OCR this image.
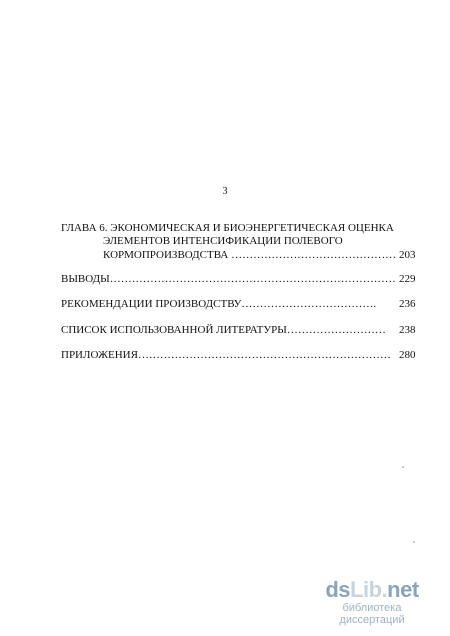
3
ГЛАВА 6. ЭКОНОМИЧЕСКАЯ И БИОЭНЕРГЕТИЧЕСКАЯ ОЦЕНКА
ЭЛЕМЕНТОВ ИНТЕНСИФИКАЦИИ ПОЛЕВОГО
КОРМОПРОИЗВОДСТВА ……………………………………… 203
ВЫВОДЫ…………………………………………………………………… 229
РЕКОМЕНДАЦИИ ПРОИЗВОДСТВУ………………………………. 236
СПИСОК ИСПОЛЬЗОВАННОЙ ЛИТЕРАТУРЫ……………………… 238
ПРИЛОЖЕНИЯ…………………………………………………………… 280
dsLib.net
библиотека диссертаций
